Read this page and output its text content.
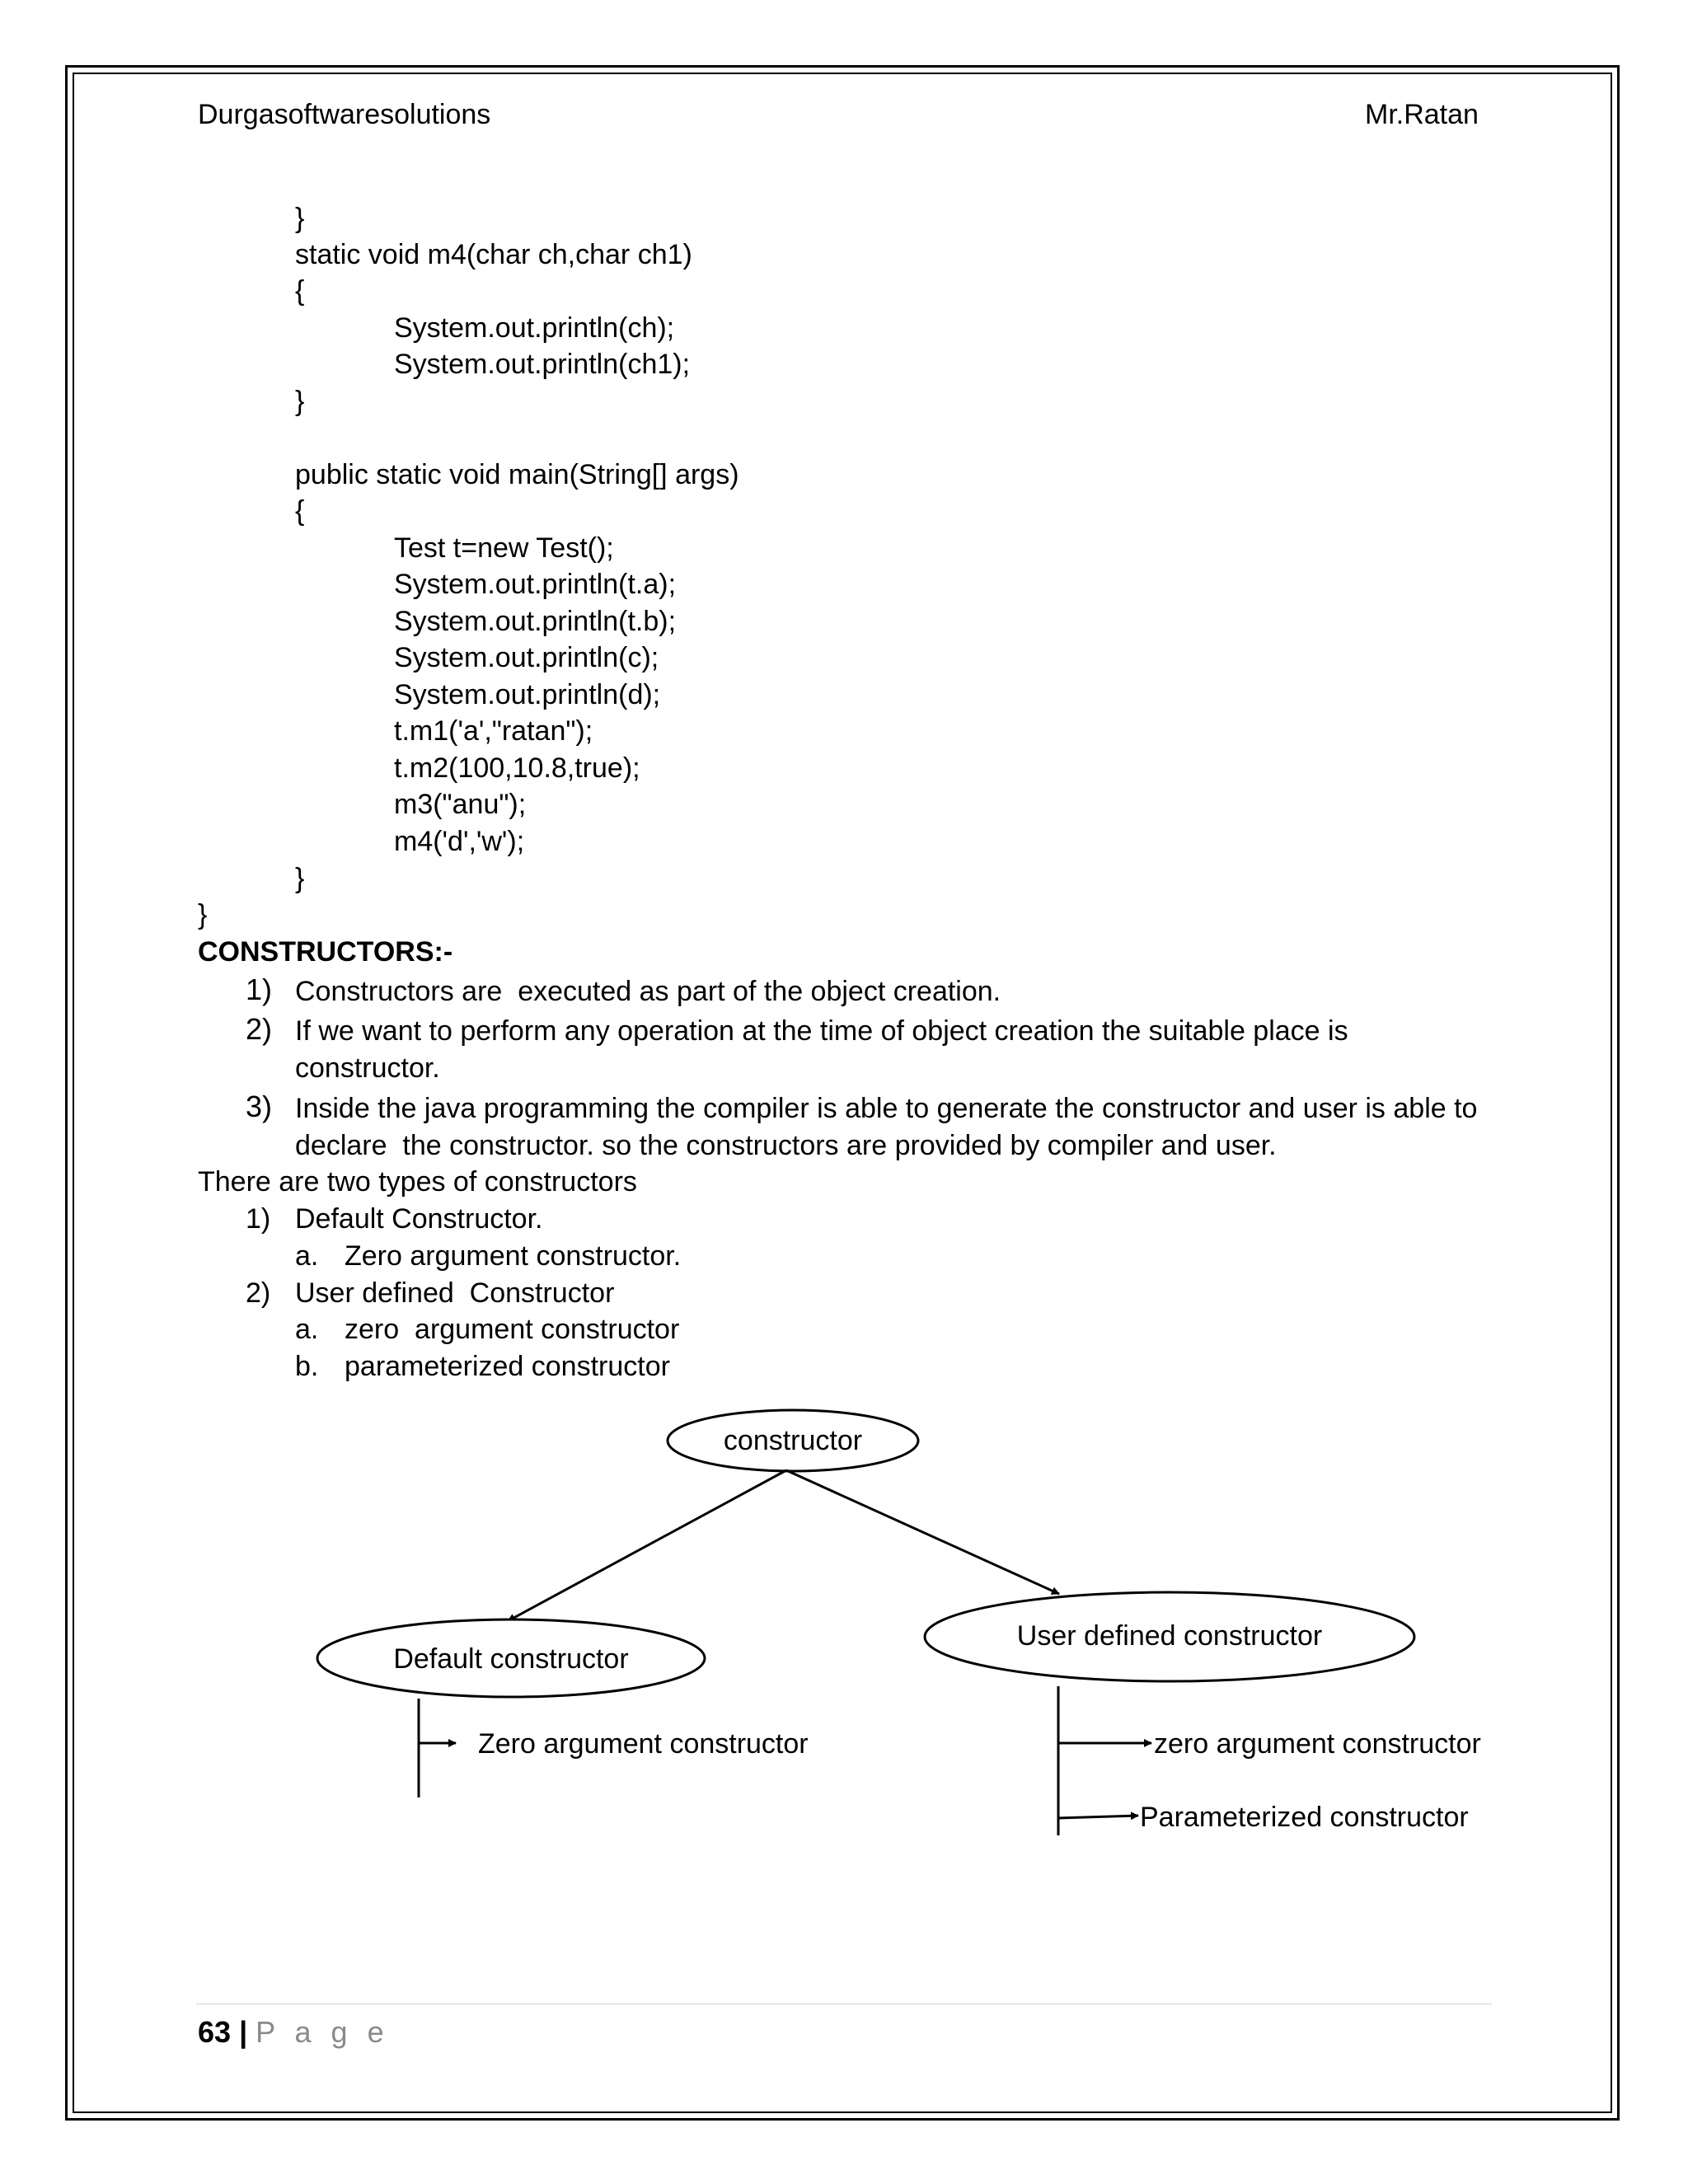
Durgasoftwaresolutions	Mr.Ratan
}
static void m4(char ch,char ch1)
{
System.out.println(ch);
System.out.println(ch1);
}
public static void main(String[] args)
{
Test t=new Test();
System.out.println(t.a);
System.out.println(t.b);
System.out.println(c);
System.out.println(d);
t.m1('a',"ratan");
t.m2(100,10.8,true);
m3("anu");
m4('d','w');
}
}
CONSTRUCTORS:-
1) Constructors are  executed as part of the object creation.
2) If we want to perform any operation at the time of object creation the suitable place is
constructor.
3) Inside the java programming the compiler is able to generate the constructor and user is able to
declare  the constructor. so the constructors are provided by compiler and user.
There are two types of constructors
1) Default Constructor.
a. Zero argument constructor.
2) User defined  Constructor
a. zero  argument constructor
b. parameterized constructor
constructor
Default constructor
User defined constructor
Zero argument constructor	zero argument constructor
Parameterized constructor
63 | P a g e
